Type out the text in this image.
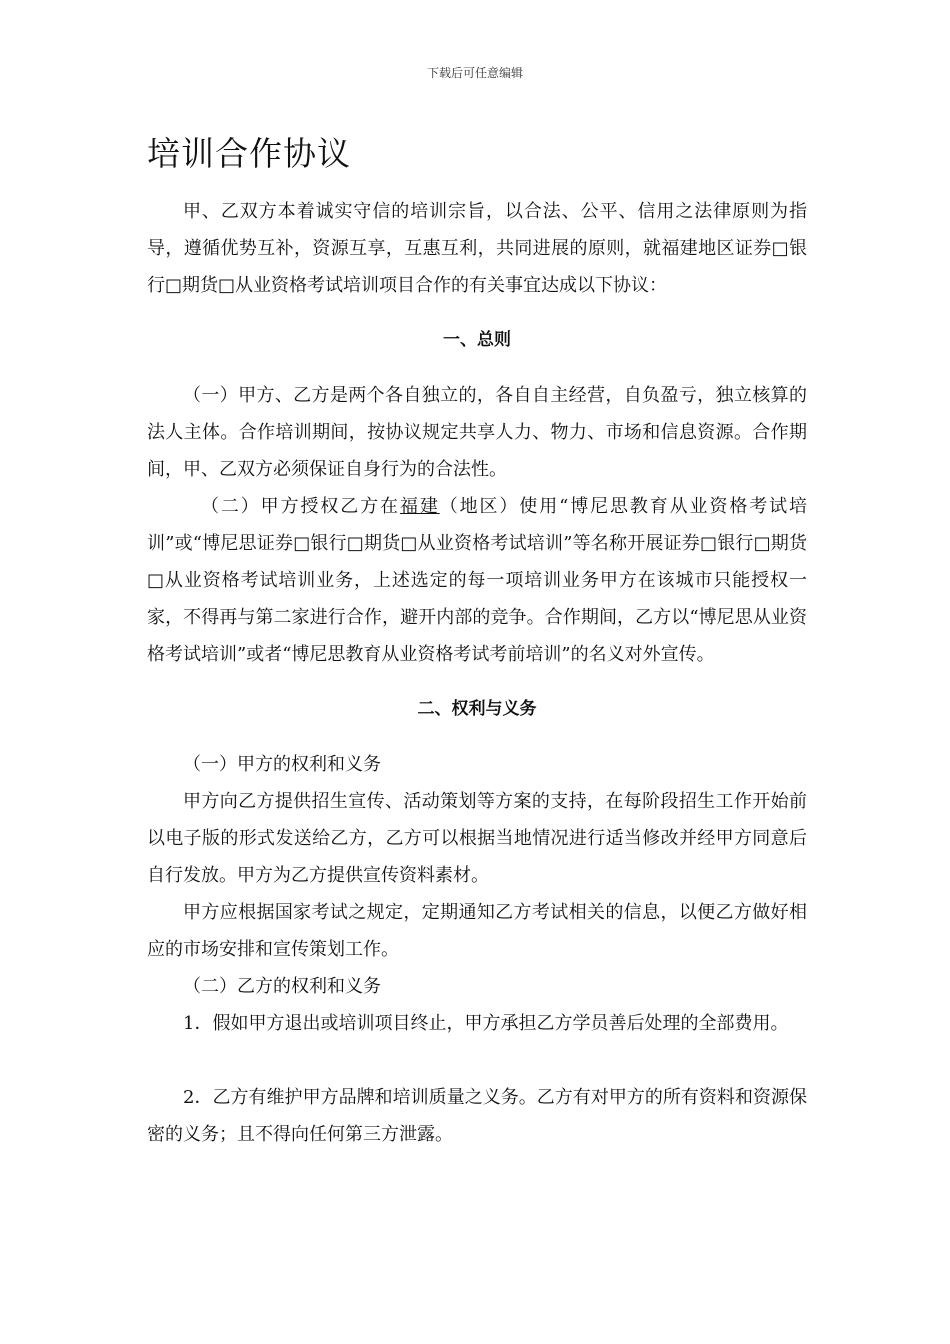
下载后可任意编辑
培训合作协议

甲、乙双方本着诚实守信的培训宗旨，以合法、公平、信用之法律原则为指导，遵循优势互补，资源互享，互惠互利，共同进展的原则，就福建地区证券□银行□期货□从业资格考试培训项目合作的有关事宜达成以下协议：

一、总则

（一）甲方、乙方是两个各自独立的，各自自主经营，自负盈亏，独立核算的法人主体。合作培训期间，按协议规定共享人力、物力、市场和信息资源。合作期间，甲、乙双方必须保证自身行为的合法性。

（二）甲方授权乙方在福建（地区）使用“博尼思教育从业资格考试培训”或“博尼思证券□银行□期货□从业资格考试培训”等名称开展证券□银行□期货□从业资格考试培训业务，上述选定的每一项培训业务甲方在该城市只能授权一家，不得再与第二家进行合作，避开内部的竞争。合作期间，乙方以“博尼思从业资格考试培训”或者“博尼思教育从业资格考试考前培训”的名义对外宣传。

二、权利与义务

（一）甲方的权利和义务

甲方向乙方提供招生宣传、活动策划等方案的支持，在每阶段招生工作开始前以电子版的形式发送给乙方，乙方可以根据当地情况进行适当修改并经甲方同意后自行发放。甲方为乙方提供宣传资料素材。

甲方应根据国家考试之规定，定期通知乙方考试相关的信息，以便乙方做好相应的市场安排和宣传策划工作。

（二）乙方的权利和义务

1．假如甲方退出或培训项目终止，甲方承担乙方学员善后处理的全部费用。

2．乙方有维护甲方品牌和培训质量之义务。乙方有对甲方的所有资料和资源保密的义务；且不得向任何第三方泄露。
